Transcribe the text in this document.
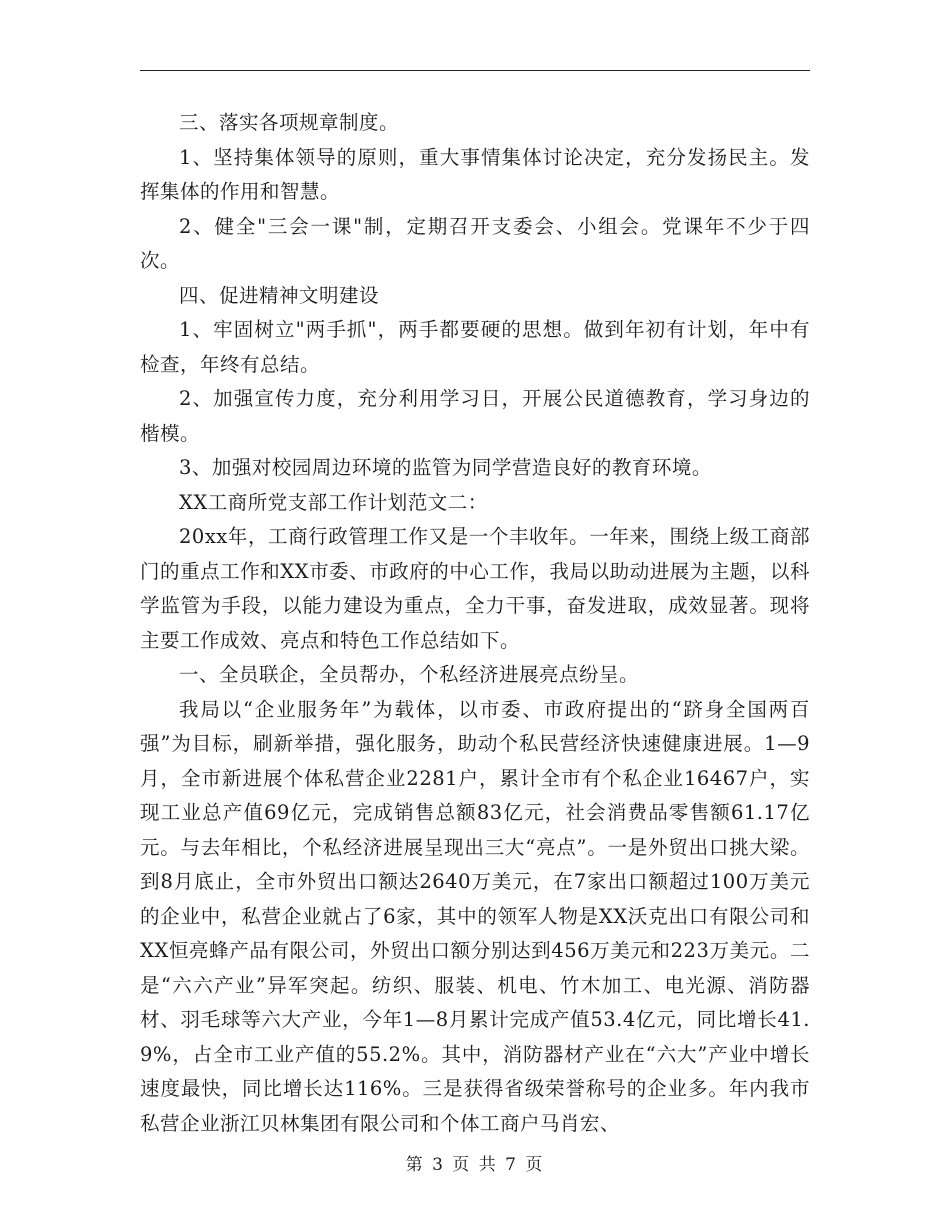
三、落实各项规章制度。

1、坚持集体领导的原则，重大事情集体讨论决定，充分发扬民主。发挥集体的作用和智慧。

2、健全"三会一课"制，定期召开支委会、小组会。党课年不少于四次。

四、促进精神文明建设

1、牢固树立"两手抓"，两手都要硬的思想。做到年初有计划，年中有检查，年终有总结。

2、加强宣传力度，充分利用学习日，开展公民道德教育，学习身边的楷模。

3、加强对校园周边环境的监管为同学营造良好的教育环境。

XX工商所党支部工作计划范文二：

20xx年，工商行政管理工作又是一个丰收年。一年来，围绕上级工商部门的重点工作和XX市委、市政府的中心工作，我局以助动进展为主题，以科学监管为手段，以能力建设为重点，全力干事，奋发进取，成效显著。现将主要工作成效、亮点和特色工作总结如下。

一、全员联企，全员帮办，个私经济进展亮点纷呈。

我局以“企业服务年”为载体，以市委、市政府提出的“跻身全国两百强”为目标，刷新举措，强化服务，助动个私民营经济快速健康进展。1—9月，全市新进展个体私营企业2281户，累计全市有个私企业16467户，实现工业总产值69亿元，完成销售总额83亿元，社会消费品零售额61.17亿元。与去年相比，个私经济进展呈现出三大“亮点”。一是外贸出口挑大梁。到8月底止，全市外贸出口额达2640万美元，在7家出口额超过100万美元的企业中，私营企业就占了6家，其中的领军人物是XX沃克出口有限公司和XX恒亮蜂产品有限公司，外贸出口额分别达到456万美元和223万美元。二是“六六产业”异军突起。纺织、服装、机电、竹木加工、电光源、消防器材、羽毛球等六大产业，今年1—8月累计完成产值53.4亿元，同比增长41.9%，占全市工业产值的55.2%。其中，消防器材产业在“六大”产业中增长速度最快，同比增长达116%。三是获得省级荣誉称号的企业多。年内我市私营企业浙江贝林集团有限公司和个体工商户马肖宏、

第 3 页 共 7 页
